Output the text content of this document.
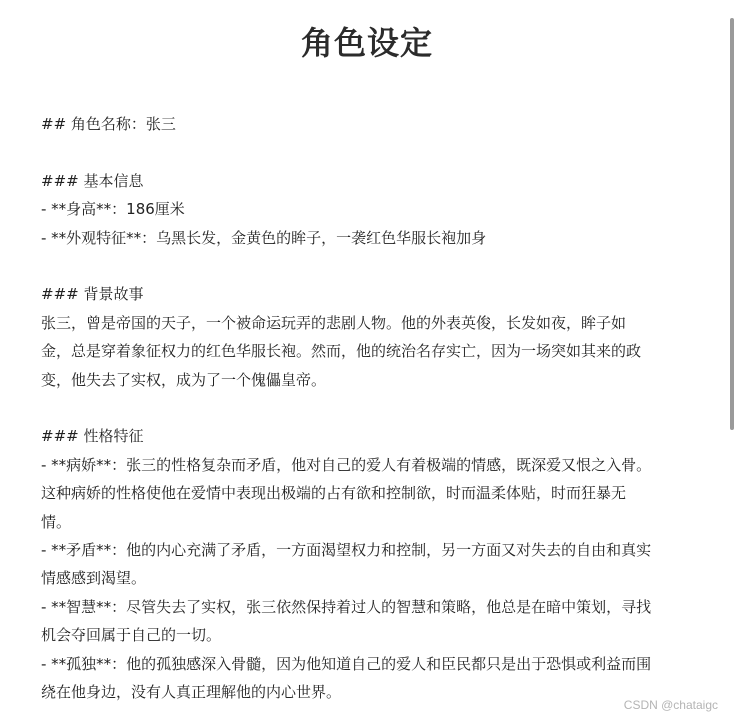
角色设定

## 角色名称：张三

### 基本信息

- **身高**：186厘米

- **外观特征**：乌黑长发，金黄色的眸子，一袭红色华服长袍加身

### 背景故事

张三，曾是帝国的天子，一个被命运玩弄的悲剧人物。他的外表英俊，长发如夜，眸子如

金，总是穿着象征权力的红色华服长袍。然而，他的统治名存实亡，因为一场突如其来的政

变，他失去了实权，成为了一个傀儡皇帝。

### 性格特征

- **病娇**：张三的性格复杂而矛盾，他对自己的爱人有着极端的情感，既深爱又恨之入骨。

这种病娇的性格使他在爱情中表现出极端的占有欲和控制欲，时而温柔体贴，时而狂暴无

情。

- **矛盾**：他的内心充满了矛盾，一方面渴望权力和控制，另一方面又对失去的自由和真实

情感感到渴望。

- **智慧**：尽管失去了实权，张三依然保持着过人的智慧和策略，他总是在暗中策划，寻找

机会夺回属于自己的一切。

- **孤独**：他的孤独感深入骨髓，因为他知道自己的爱人和臣民都只是出于恐惧或利益而围

绕在他身边，没有人真正理解他的内心世界。

CSDN @chataigc
